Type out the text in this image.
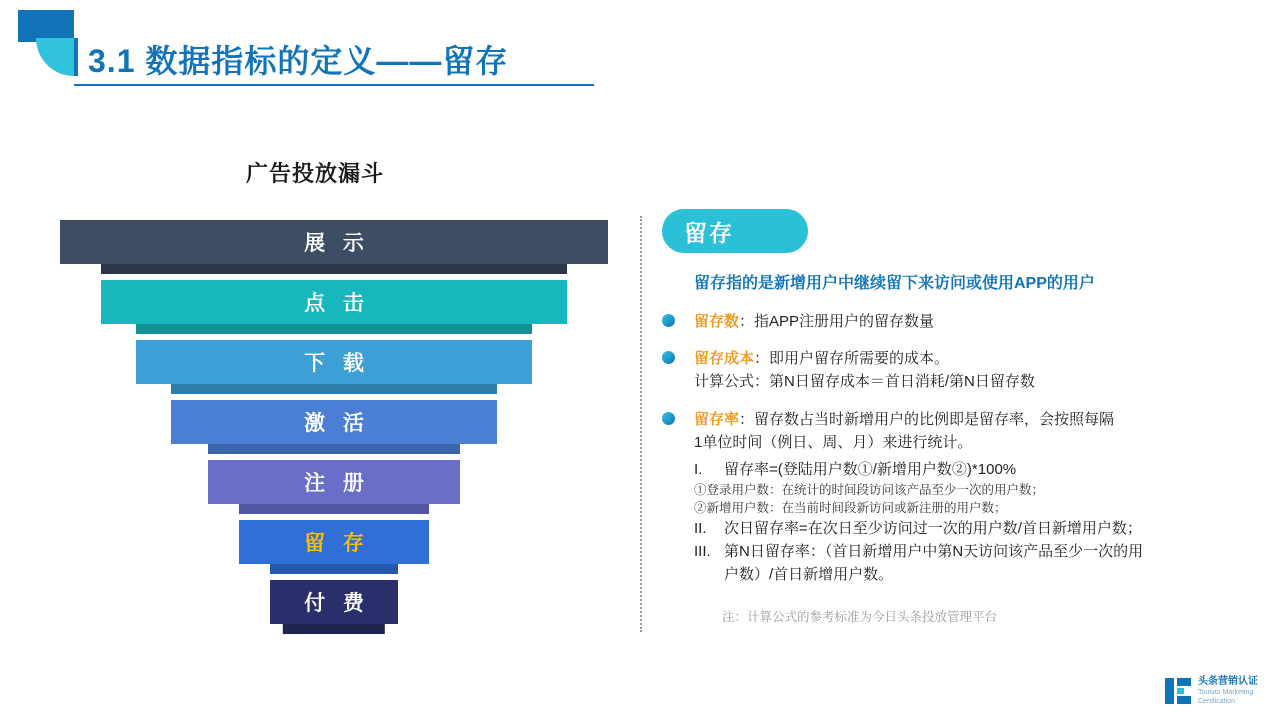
3.1 数据指标的定义——留存
广告投放漏斗
展 示
点 击
下 载
激 活
注 册
留 存
付 费
留存
留存指的是新增用户中继续留下来访问或使用APP的用户
留存数：指APP注册用户的留存数量
留存成本：即用户留存所需要的成本。
计算公式：第N日留存成本＝首日消耗/第N日留存数
留存率：留存数占当时新增用户的比例即是留存率，会按照每隔
1单位时间（例日、周、月）来进行统计。
I. 留存率=(登陆用户数①/新增用户数②)*100%
①登录用户数：在统计的时间段访问该产品至少一次的用户数；
②新增用户数：在当前时间段新访问或新注册的用户数；
II. 次日留存率=在次日至少访问过一次的用户数/首日新增用户数；
III. 第N日留存率：（首日新增用户中第N天访问该产品至少一次的用
户数）/首日新增用户数。
注：计算公式的参考标准为今日头条投放管理平台
头条营销认证
Toutiao Marketing
Certification
